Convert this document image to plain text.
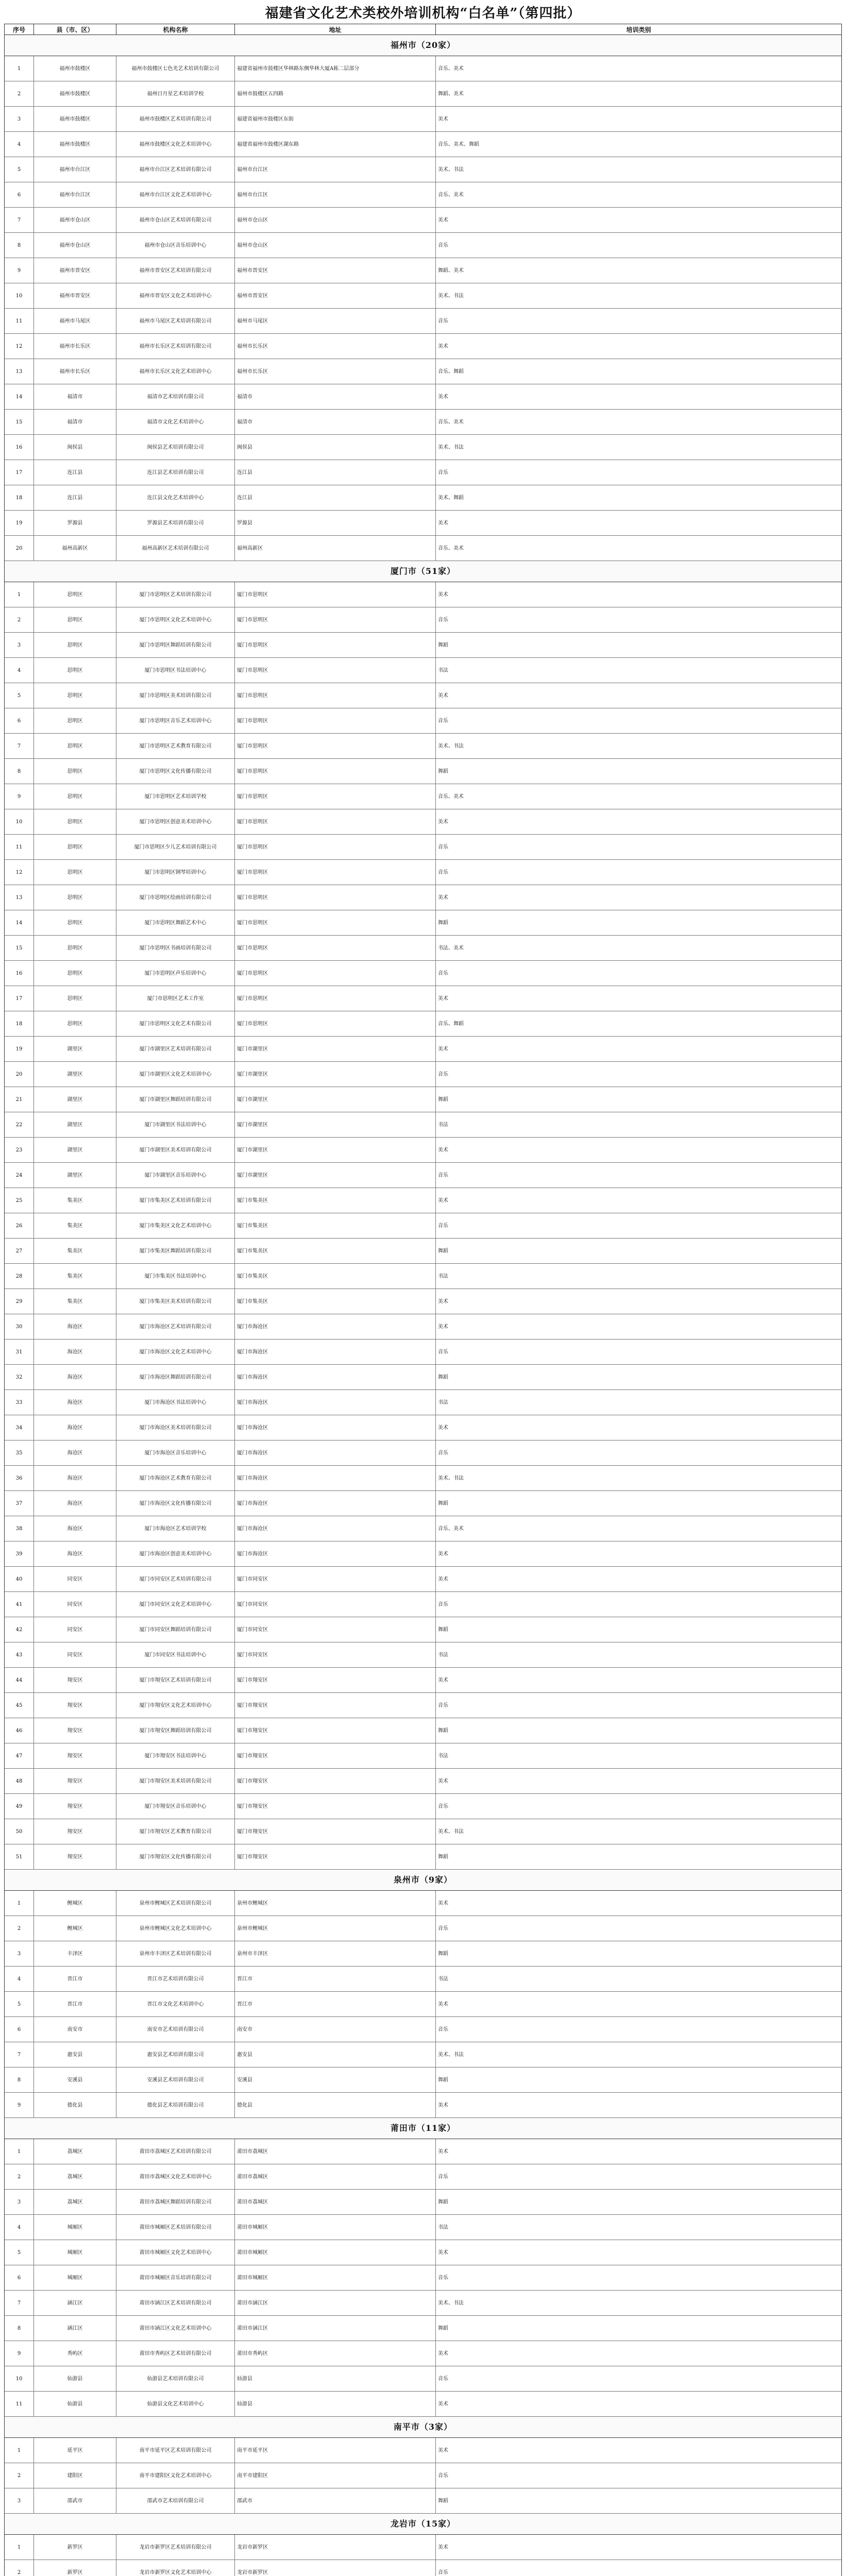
福建省文化艺术类校外培训机构“白名单”（第四批）
序号	县（市、区）	机构名称	地址	培训类别
福州市（20家）
1	福州市鼓楼区	福州市鼓楼区七色光艺术培训有限公司	福建省福州市鼓楼区华林路东侧华林大厦A栋二层部分	音乐、美术
2	福州市鼓楼区	福州日月星艺术培训学校	福州市鼓楼区五四路	舞蹈、美术
3	福州市鼓楼区	福州市鼓楼区艺术培训有限公司	福建省福州市鼓楼区东街	美术
4	福州市鼓楼区	福州市鼓楼区文化艺术培训中心	福建省福州市鼓楼区湖东路	音乐、美术、舞蹈
5	福州市台江区	福州市台江区艺术培训有限公司	福州市台江区	美术、书法
6	福州市台江区	福州市台江区文化艺术培训中心	福州市台江区	音乐、美术
7	福州市仓山区	福州市仓山区艺术培训有限公司	福州市仓山区	美术
8	福州市仓山区	福州市仓山区音乐培训中心	福州市仓山区	音乐
9	福州市晋安区	福州市晋安区艺术培训有限公司	福州市晋安区	舞蹈、美术
10	福州市晋安区	福州市晋安区文化艺术培训中心	福州市晋安区	美术、书法
11	福州市马尾区	福州市马尾区艺术培训有限公司	福州市马尾区	音乐
12	福州市长乐区	福州市长乐区艺术培训有限公司	福州市长乐区	美术
13	福州市长乐区	福州市长乐区文化艺术培训中心	福州市长乐区	音乐、舞蹈
14	福清市	福清市艺术培训有限公司	福清市	美术
15	福清市	福清市文化艺术培训中心	福清市	音乐、美术
16	闽侯县	闽侯县艺术培训有限公司	闽侯县	美术、书法
17	连江县	连江县艺术培训有限公司	连江县	音乐
18	连江县	连江县文化艺术培训中心	连江县	美术、舞蹈
19	罗源县	罗源县艺术培训有限公司	罗源县	美术
20	福州高新区	福州高新区艺术培训有限公司	福州高新区	音乐、美术
厦门市（51家）
1	思明区	厦门市思明区艺术培训有限公司	厦门市思明区	美术
2	思明区	厦门市思明区文化艺术培训中心	厦门市思明区	音乐
3	思明区	厦门市思明区舞蹈培训有限公司	厦门市思明区	舞蹈
4	思明区	厦门市思明区书法培训中心	厦门市思明区	书法
5	思明区	厦门市思明区美术培训有限公司	厦门市思明区	美术
6	思明区	厦门市思明区音乐艺术培训中心	厦门市思明区	音乐
7	思明区	厦门市思明区艺术教育有限公司	厦门市思明区	美术、书法
8	思明区	厦门市思明区文化传播有限公司	厦门市思明区	舞蹈
9	思明区	厦门市思明区艺术培训学校	厦门市思明区	音乐、美术
10	思明区	厦门市思明区创意美术培训中心	厦门市思明区	美术
11	思明区	厦门市思明区少儿艺术培训有限公司	厦门市思明区	音乐
12	思明区	厦门市思明区钢琴培训中心	厦门市思明区	音乐
13	思明区	厦门市思明区绘画培训有限公司	厦门市思明区	美术
14	思明区	厦门市思明区舞蹈艺术中心	厦门市思明区	舞蹈
15	思明区	厦门市思明区书画培训有限公司	厦门市思明区	书法、美术
16	思明区	厦门市思明区声乐培训中心	厦门市思明区	音乐
17	思明区	厦门市思明区艺术工作室	厦门市思明区	美术
18	思明区	厦门市思明区文化艺术有限公司	厦门市思明区	音乐、舞蹈
19	湖里区	厦门市湖里区艺术培训有限公司	厦门市湖里区	美术
20	湖里区	厦门市湖里区文化艺术培训中心	厦门市湖里区	音乐
21	湖里区	厦门市湖里区舞蹈培训有限公司	厦门市湖里区	舞蹈
22	湖里区	厦门市湖里区书法培训中心	厦门市湖里区	书法
23	湖里区	厦门市湖里区美术培训有限公司	厦门市湖里区	美术
24	湖里区	厦门市湖里区音乐培训中心	厦门市湖里区	音乐
25	集美区	厦门市集美区艺术培训有限公司	厦门市集美区	美术
26	集美区	厦门市集美区文化艺术培训中心	厦门市集美区	音乐
27	集美区	厦门市集美区舞蹈培训有限公司	厦门市集美区	舞蹈
28	集美区	厦门市集美区书法培训中心	厦门市集美区	书法
29	集美区	厦门市集美区美术培训有限公司	厦门市集美区	美术
30	海沧区	厦门市海沧区艺术培训有限公司	厦门市海沧区	美术
31	海沧区	厦门市海沧区文化艺术培训中心	厦门市海沧区	音乐
32	海沧区	厦门市海沧区舞蹈培训有限公司	厦门市海沧区	舞蹈
33	海沧区	厦门市海沧区书法培训中心	厦门市海沧区	书法
34	海沧区	厦门市海沧区美术培训有限公司	厦门市海沧区	美术
35	海沧区	厦门市海沧区音乐培训中心	厦门市海沧区	音乐
36	海沧区	厦门市海沧区艺术教育有限公司	厦门市海沧区	美术、书法
37	海沧区	厦门市海沧区文化传播有限公司	厦门市海沧区	舞蹈
38	海沧区	厦门市海沧区艺术培训学校	厦门市海沧区	音乐、美术
39	海沧区	厦门市海沧区创意美术培训中心	厦门市海沧区	美术
40	同安区	厦门市同安区艺术培训有限公司	厦门市同安区	美术
41	同安区	厦门市同安区文化艺术培训中心	厦门市同安区	音乐
42	同安区	厦门市同安区舞蹈培训有限公司	厦门市同安区	舞蹈
43	同安区	厦门市同安区书法培训中心	厦门市同安区	书法
44	翔安区	厦门市翔安区艺术培训有限公司	厦门市翔安区	美术
45	翔安区	厦门市翔安区文化艺术培训中心	厦门市翔安区	音乐
46	翔安区	厦门市翔安区舞蹈培训有限公司	厦门市翔安区	舞蹈
47	翔安区	厦门市翔安区书法培训中心	厦门市翔安区	书法
48	翔安区	厦门市翔安区美术培训有限公司	厦门市翔安区	美术
49	翔安区	厦门市翔安区音乐培训中心	厦门市翔安区	音乐
50	翔安区	厦门市翔安区艺术教育有限公司	厦门市翔安区	美术、书法
51	翔安区	厦门市翔安区文化传播有限公司	厦门市翔安区	舞蹈
泉州市（9家）
1	鲤城区	泉州市鲤城区艺术培训有限公司	泉州市鲤城区	美术
2	鲤城区	泉州市鲤城区文化艺术培训中心	泉州市鲤城区	音乐
3	丰泽区	泉州市丰泽区艺术培训有限公司	泉州市丰泽区	舞蹈
4	晋江市	晋江市艺术培训有限公司	晋江市	书法
5	晋江市	晋江市文化艺术培训中心	晋江市	美术
6	南安市	南安市艺术培训有限公司	南安市	音乐
7	惠安县	惠安县艺术培训有限公司	惠安县	美术、书法
8	安溪县	安溪县艺术培训有限公司	安溪县	舞蹈
9	德化县	德化县艺术培训有限公司	德化县	美术
莆田市（11家）
1	荔城区	莆田市荔城区艺术培训有限公司	莆田市荔城区	美术
2	荔城区	莆田市荔城区文化艺术培训中心	莆田市荔城区	音乐
3	荔城区	莆田市荔城区舞蹈培训有限公司	莆田市荔城区	舞蹈
4	城厢区	莆田市城厢区艺术培训有限公司	莆田市城厢区	书法
5	城厢区	莆田市城厢区文化艺术培训中心	莆田市城厢区	美术
6	城厢区	莆田市城厢区音乐培训有限公司	莆田市城厢区	音乐
7	涵江区	莆田市涵江区艺术培训有限公司	莆田市涵江区	美术、书法
8	涵江区	莆田市涵江区文化艺术培训中心	莆田市涵江区	舞蹈
9	秀屿区	莆田市秀屿区艺术培训有限公司	莆田市秀屿区	美术
10	仙游县	仙游县艺术培训有限公司	仙游县	音乐
11	仙游县	仙游县文化艺术培训中心	仙游县	美术
南平市（3家）
1	延平区	南平市延平区艺术培训有限公司	南平市延平区	美术
2	建阳区	南平市建阳区文化艺术培训中心	南平市建阳区	音乐
3	邵武市	邵武市艺术培训有限公司	邵武市	舞蹈
龙岩市（15家）
1	新罗区	龙岩市新罗区艺术培训有限公司	龙岩市新罗区	美术
2	新罗区	龙岩市新罗区文化艺术培训中心	龙岩市新罗区	音乐
